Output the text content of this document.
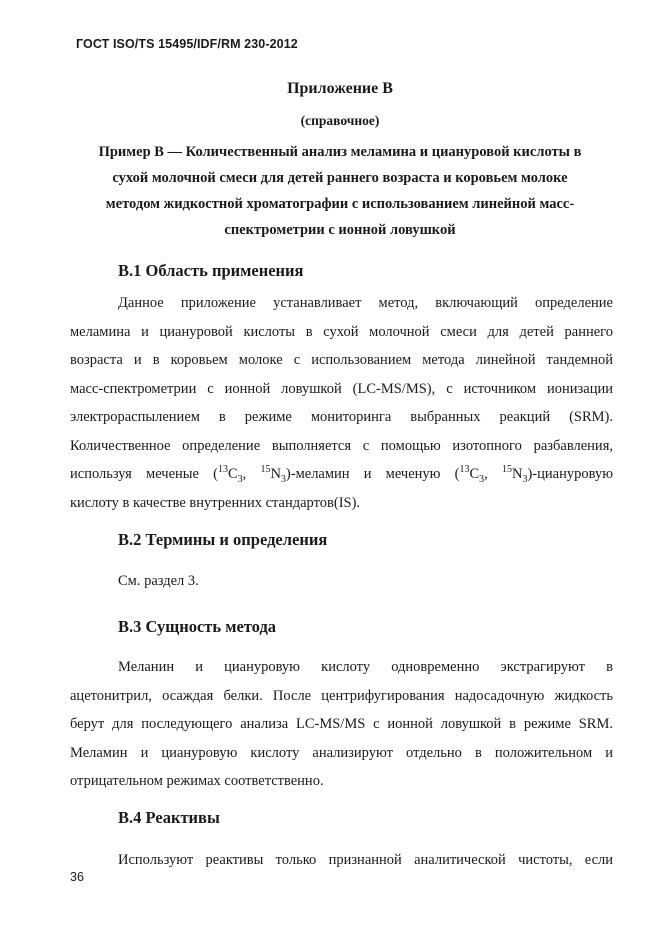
ГОСТ ISO/TS 15495/IDF/RM 230-2012
Приложение В
(справочное)
Пример В — Количественный анализ меламина и циануровой кислоты в
сухой молочной смеси для детей раннего возраста и коровьем молоке
методом жидкостной хроматографии с использованием линейной масс-
спектрометрии с ионной ловушкой
В.1 Область применения
Данное приложение устанавливает метод, включающий определение
меламина и циануровой кислоты в сухой молочной смеси для детей раннего
возраста и в коровьем молоке с использованием метода линейной тандемной
масс-спектрометрии с ионной ловушкой (LC-MS/MS), с источником ионизации
электрораспылением в режиме мониторинга выбранных реакций (SRM).
Количественное определение выполняется с помощью изотопного разбавления,
используя меченые ($^{13}C_3$, $^{15}N_3$)-меламин и меченую ($^{13}C_3$, $^{15}N_3$)-циануровую
кислоту в качестве внутренних стандартов(IS).
В.2 Термины и определения
См. раздел 3.
В.3 Сущность метода
Меланин и циануровую кислоту одновременно экстрагируют в
ацетонитрил, осаждая белки. После центрифугирования надосадочную жидкость
берут для последующего анализа LC-MS/MS с ионной ловушкой в режиме SRM.
Меламин и циануровую кислоту анализируют отдельно в положительном и
отрицательном режимах соответственно.
В.4 Реактивы
Используют реактивы только признанной аналитической чистоты, если
36
